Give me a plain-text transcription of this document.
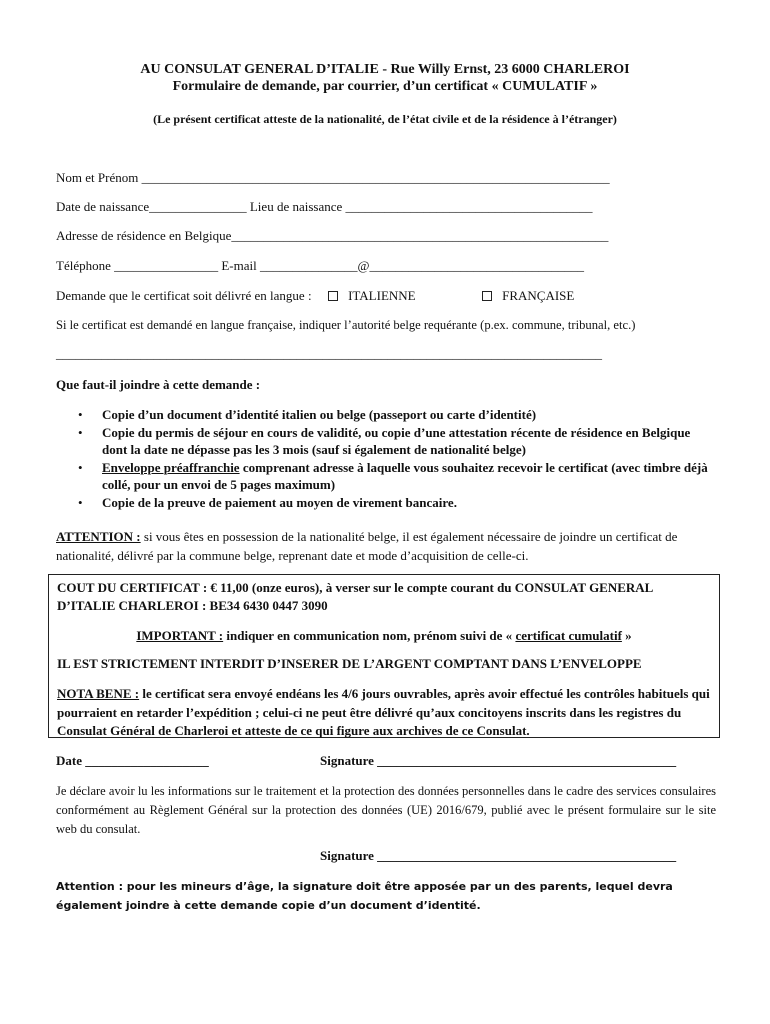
AU CONSULAT GENERAL D’ITALIE - Rue Willy Ernst, 23 6000 CHARLEROI
Formulaire de demande, par courrier, d’un certificat « CUMULATIF »
(Le présent certificat atteste de la nationalité, de l’état civile et de la résidence à l’étranger)
Nom et Prénom ________________________________________________________________________
Date de naissance_______________ Lieu de naissance ______________________________________
Adresse de résidence en Belgique__________________________________________________________
Téléphone ________________ E-mail _______________@_________________________________
Demande que le certificat soit délivré en langue :	ITALIENNE	FRANÇAISE
Si le certificat est demandé en langue française, indiquer l’autorité belge requérante (p.ex. commune, tribunal, etc.)
____________________________________________________________________________________
Que faut-il joindre à cette demande :
• Copie d’un document d’identité italien ou belge (passeport ou carte d’identité)
• Copie du permis de séjour en cours de validité, ou copie d’une attestation récente de résidence en Belgique dont la date ne dépasse pas les 3 mois (sauf si également de nationalité belge)
• Enveloppe préaffranchie comprenant adresse à laquelle vous souhaitez recevoir le certificat (avec timbre déjà collé, pour un envoi de 5 pages maximum)
• Copie de la preuve de paiement au moyen de virement bancaire.
ATTENTION : si vous êtes en possession de la nationalité belge, il est également nécessaire de joindre un certificat de nationalité, délivré par la commune belge, reprenant date et mode d’acquisition de celle-ci.
COUT DU CERTIFICAT : € 11,00 (onze euros), à verser sur le compte courant du CONSULAT GENERAL D’ITALIE CHARLEROI : BE34 6430 0447 3090
IMPORTANT : indiquer en communication nom, prénom suivi de « certificat cumulatif »
IL EST STRICTEMENT INTERDIT D’INSERER DE L’ARGENT COMPTANT DANS L’ENVELOPPE
NOTA BENE : le certificat sera envoyé endéans les 4/6 jours ouvrables, après avoir effectué les contrôles habituels qui pourraient en retarder l’expédition ; celui-ci ne peut être délivré qu’aux concitoyens inscrits dans les registres du Consulat Général de Charleroi et atteste de ce qui figure aux archives de ce Consulat.
Date ___________________	Signature ______________________________________________
Je déclare avoir lu les informations sur le traitement et la protection des données personnelles dans le cadre des services consulaires conformément au Règlement Général sur la protection des données (UE) 2016/679, publié avec le présent formulaire sur le site web du consulat.
Signature ______________________________________________
Attention : pour les mineurs d’âge, la signature doit être apposée par un des parents, lequel devra également joindre à cette demande copie d’un document d’identité.
